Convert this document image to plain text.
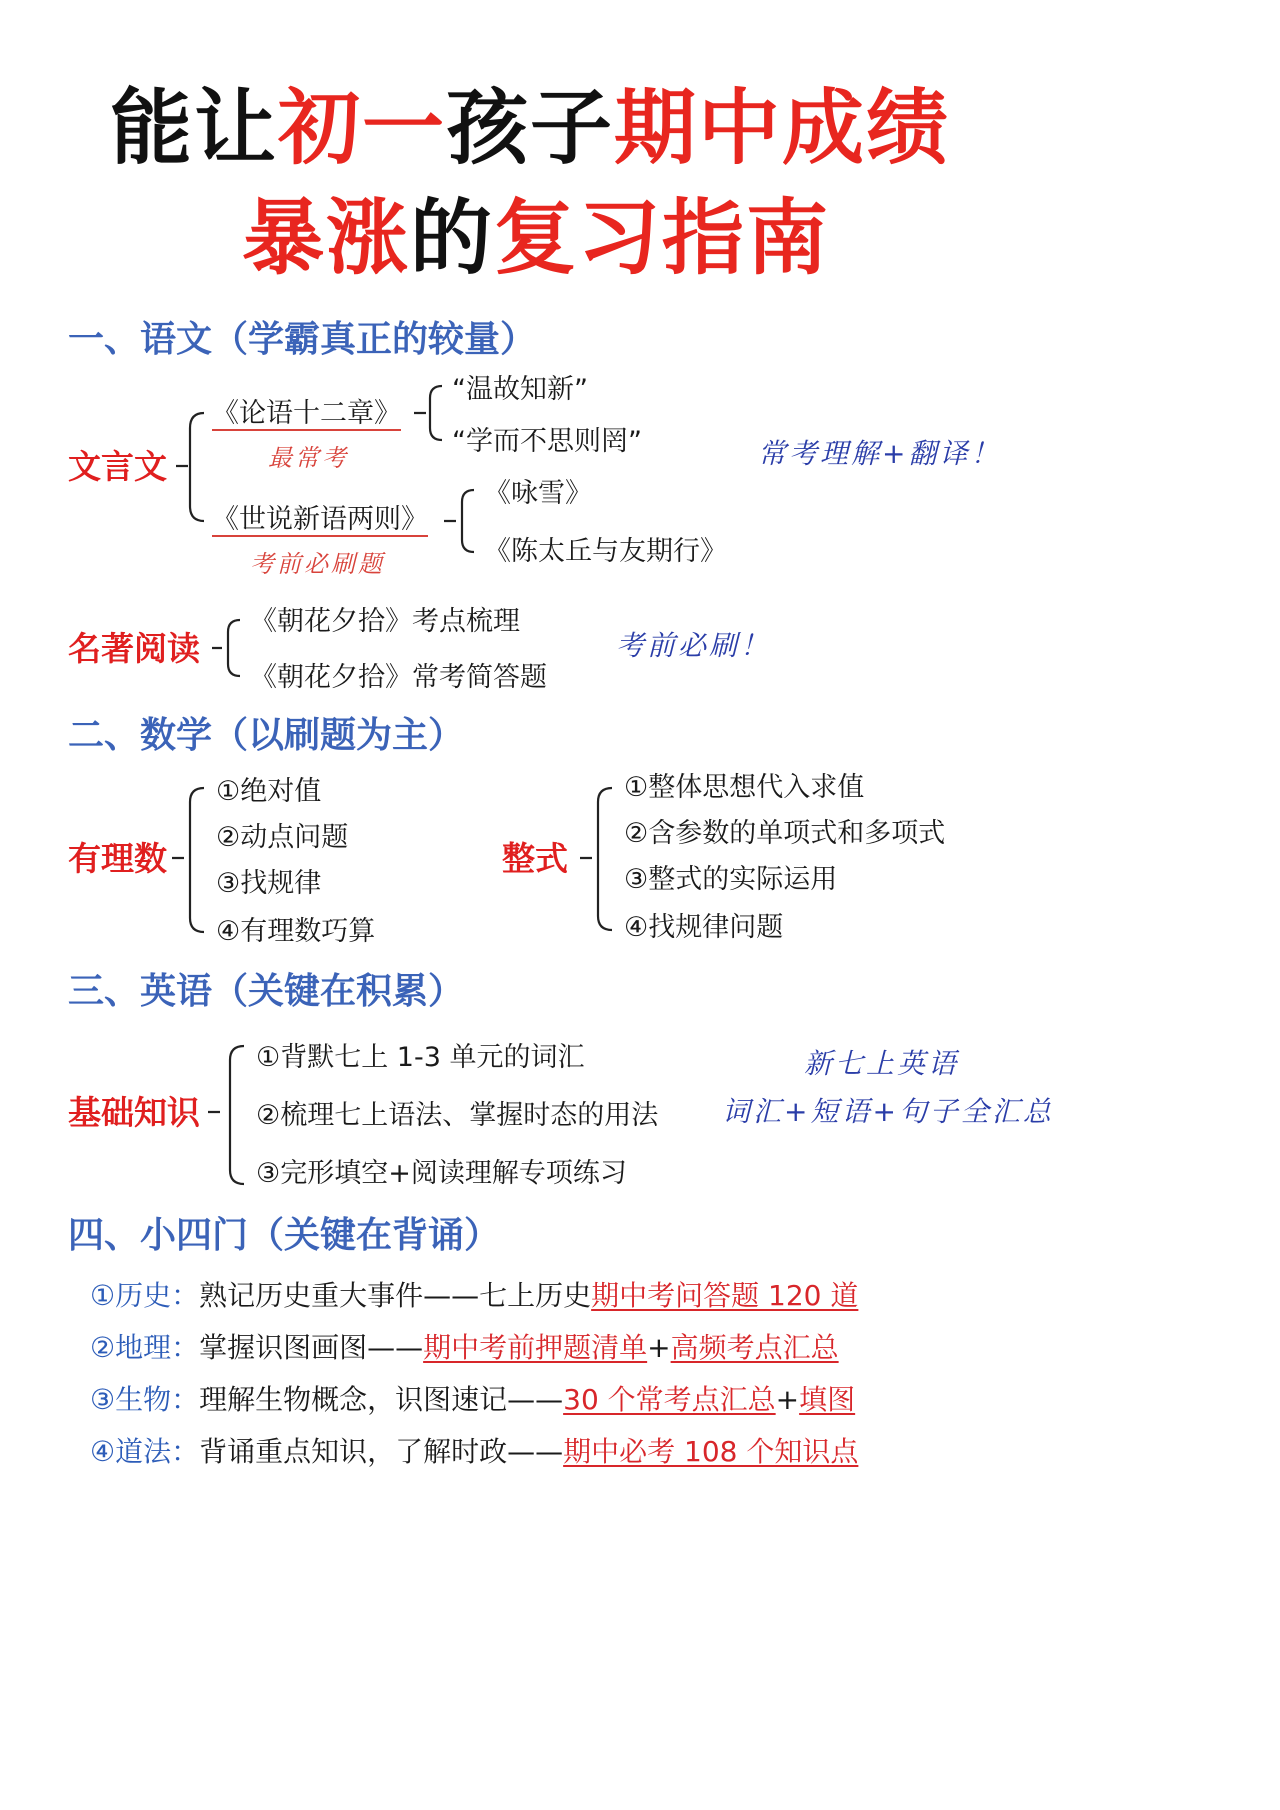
能让初一孩子期中成绩
暴涨的复习指南
一、语文（学霸真正的较量）
文言文
《论语十二章》
最常考
“温故知新”
“学而不思则罔”
《世说新语两则》
考前必刷题
《咏雪》
《陈太丘与友期行》
常考理解+翻译！
名著阅读
《朝花夕拾》考点梳理
《朝花夕拾》常考简答题
考前必刷！
二、数学（以刷题为主）
有理数
①绝对值
②动点问题
③找规律
④有理数巧算
整式
①整体思想代入求值
②含参数的单项式和多项式
③整式的实际运用
④找规律问题
三、英语（关键在积累）
基础知识
①背默七上 1-3 单元的词汇
②梳理七上语法、掌握时态的用法
③完形填空+阅读理解专项练习
新七上英语
词汇+短语+句子全汇总
四、小四门（关键在背诵）
①历史：熟记历史重大事件——七上历史期中考问答题 120 道
②地理：掌握识图画图——期中考前押题清单+高频考点汇总
③生物：理解生物概念，识图速记——30 个常考点汇总+填图
④道法：背诵重点知识，了解时政——期中必考 108 个知识点
